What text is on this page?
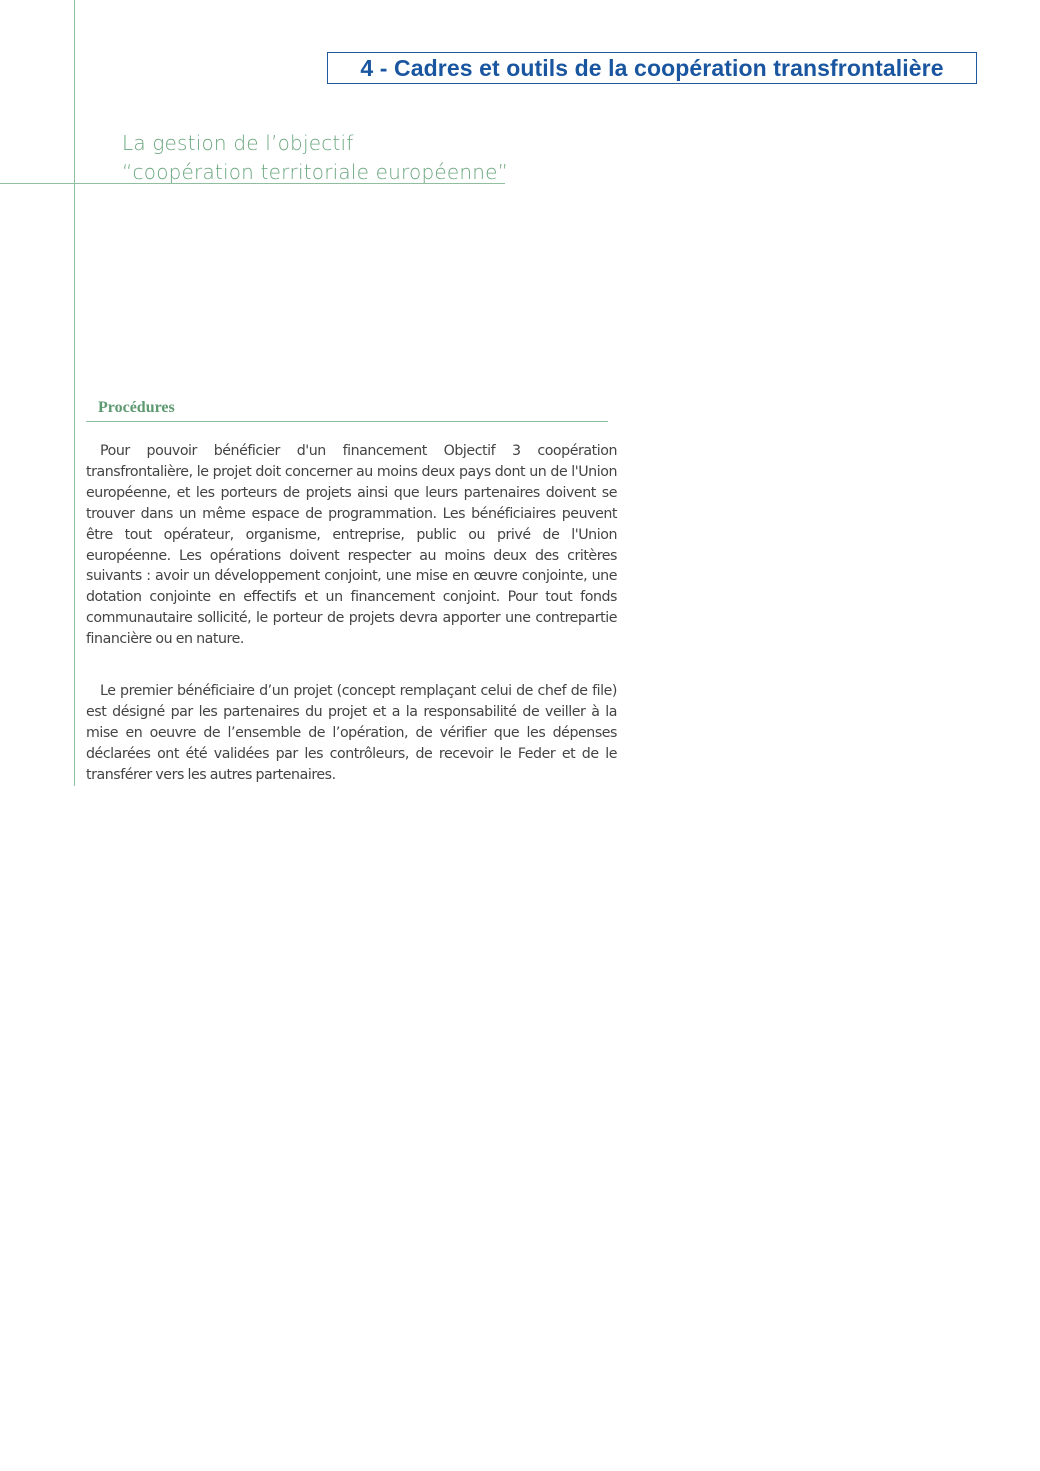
4 - Cadres et outils de la coopération transfrontalière
La gestion de l’objectif
“coopération territoriale européenne”
Procédures

Pour pouvoir bénéficier d'un financement Objectif 3 coopération transfrontalière, le projet doit concerner au moins deux pays dont un de l'Union européenne, et les porteurs de projets ainsi que leurs partenaires doivent se trouver dans un même espace de programmation. Les bénéficiaires peuvent être tout opérateur, organisme, entreprise, public ou privé de l'Union européenne. Les opérations doivent respecter au moins deux des critères suivants : avoir un développement conjoint, une mise en œuvre conjointe, une dotation conjointe en effectifs et un financement conjoint. Pour tout fonds communautaire sollicité, le porteur de projets devra apporter une contrepartie financière ou en nature.

Le premier bénéficiaire d’un projet (concept remplaçant celui de chef de file) est désigné par les partenaires du projet et a la responsabilité de veiller à la mise en oeuvre de l’ensemble de l’opération, de vérifier que les dépenses déclarées ont été validées par les contrôleurs, de recevoir le Feder et de le transférer vers les autres partenaires.
